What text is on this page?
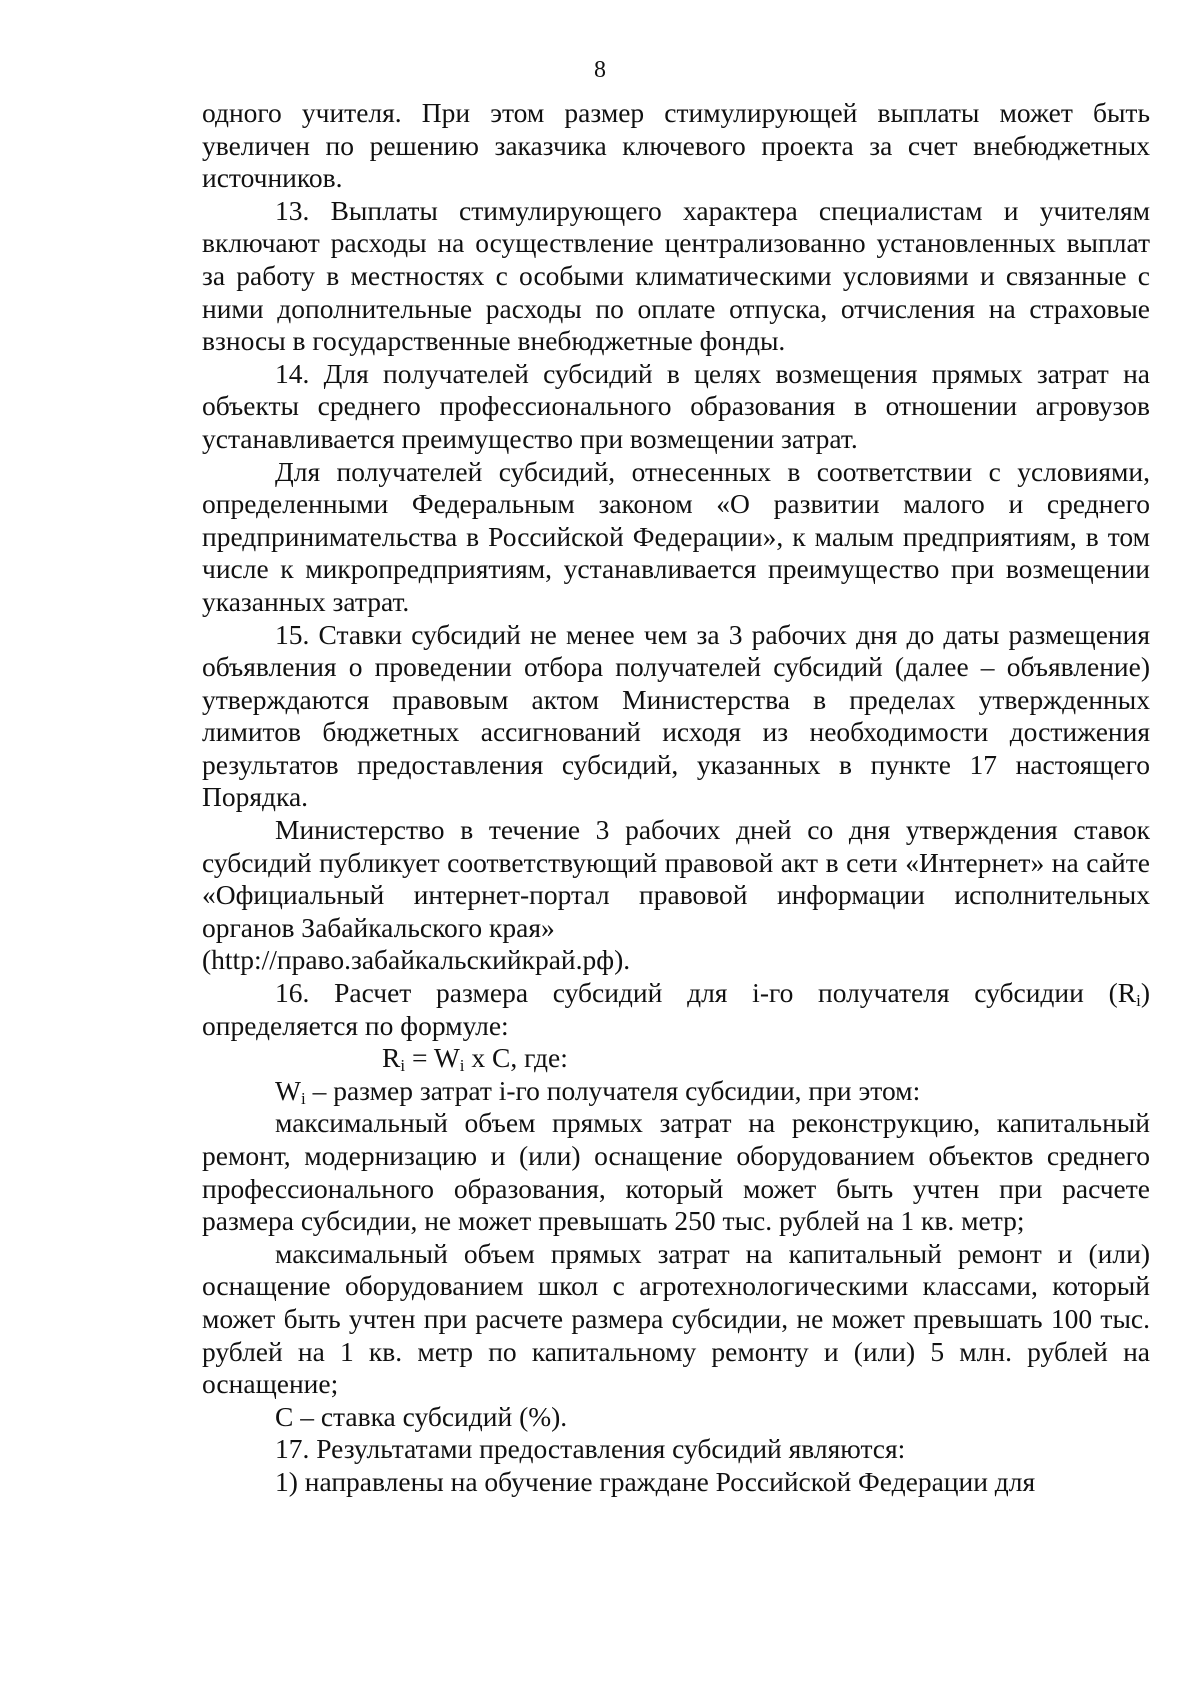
8

одного учителя. При этом размер стимулирующей выплаты может быть увеличен по решению заказчика ключевого проекта за счет внебюджетных источников.

13. Выплаты стимулирующего характера специалистам и учителям включают расходы на осуществление централизованно установленных выплат за работу в местностях с особыми климатическими условиями и связанные с ними дополнительные расходы по оплате отпуска, отчисления на страховые взносы в государственные внебюджетные фонды.

14. Для получателей субсидий в целях возмещения прямых затрат на объекты среднего профессионального образования в отношении агровузов устанавливается преимущество при возмещении затрат.

Для получателей субсидий, отнесенных в соответствии с условиями, определенными Федеральным законом «О развитии малого и среднего предпринимательства в Российской Федерации», к малым предприятиям, в том числе к микропредприятиям, устанавливается преимущество при возмещении указанных затрат.

15. Ставки субсидий не менее чем за 3 рабочих дня до даты размещения объявления о проведении отбора получателей субсидий (далее – объявление) утверждаются правовым актом Министерства в пределах утвержденных лимитов бюджетных ассигнований исходя из необходимости достижения результатов предоставления субсидий, указанных в пункте 17 настоящего Порядка.

Министерство в течение 3 рабочих дней со дня утверждения ставок субсидий публикует соответствующий правовой акт в сети «Интернет» на сайте «Официальный интернет-портал правовой информации исполнительных органов Забайкальского края»

(http://право.забайкальскийкрай.рф).

16. Расчет размера субсидий для i-го получателя субсидии $(R_i)$ определяется по формуле:

$R_i = W_i$ x C, где:

$W_i$ – размер затрат i-го получателя субсидии, при этом:

максимальный объем прямых затрат на реконструкцию, капитальный ремонт, модернизацию и (или) оснащение оборудованием объектов среднего профессионального образования, который может быть учтен при расчете размера субсидии, не может превышать 250 тыс. рублей на 1 кв. метр;

максимальный объем прямых затрат на капитальный ремонт и (или) оснащение оборудованием школ с агротехнологическими классами, который может быть учтен при расчете размера субсидии, не может превышать 100 тыс. рублей на 1 кв. метр по капитальному ремонту и (или) 5 млн. рублей на оснащение;

C – ставка субсидий (%).

17. Результатами предоставления субсидий являются:

1) направлены на обучение граждане Российской Федерации для
